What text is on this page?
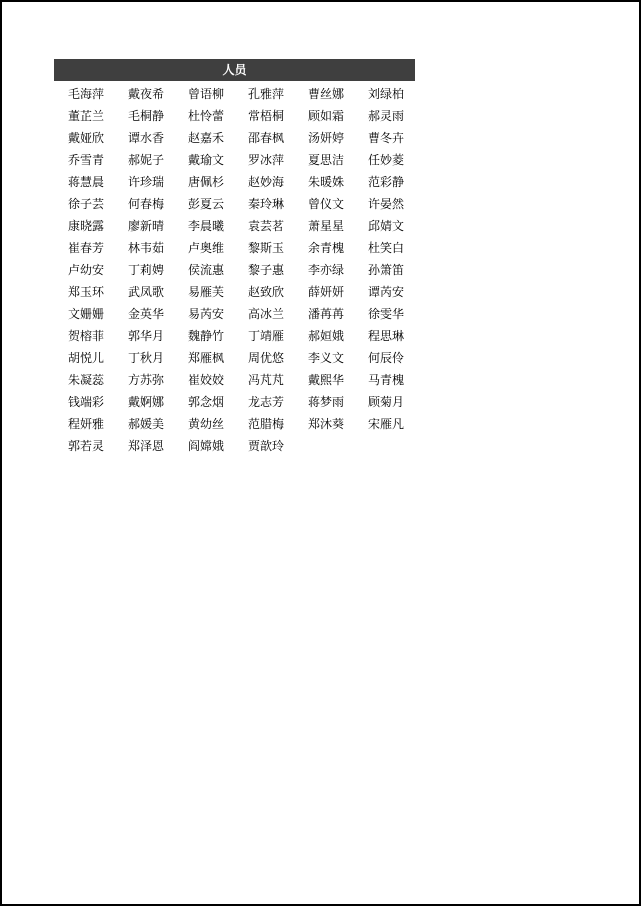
人员
毛海萍	戴夜希	曾语柳	孔雅萍	曹丝娜	刘绿柏
董芷兰	毛桐静	杜怜蕾	常梧桐	顾如霜	郝灵雨
戴娅欣	谭水香	赵嘉禾	邵春枫	汤妍婷	曹冬卉
乔雪青	郝妮子	戴瑜文	罗冰萍	夏思洁	任妙菱
蒋慧晨	许珍瑞	唐佩杉	赵妙海	朱暖姝	范彩静
徐子芸	何春梅	彭夏云	秦玲琳	曾仪文	许晏然
康晓露	廖新晴	李晨曦	袁芸茗	萧星星	邱婧文
崔春芳	林韦茹	卢奥维	黎斯玉	余青槐	杜笑白
卢幼安	丁莉娉	侯流惠	黎子惠	李亦绿	孙箫笛
郑玉环	武凤歌	易雁芙	赵致欣	薛妍妍	谭芮安
文姗姗	金英华	易芮安	高冰兰	潘苒苒	徐雯华
贺榕菲	郭华月	魏静竹	丁靖雁	郝姮娥	程思琳
胡悦儿	丁秋月	郑雁枫	周优悠	李义文	何辰伶
朱凝蕊	方苏弥	崔姣姣	冯芃芃	戴熙华	马青槐
钱端彩	戴婀娜	郭念烟	龙志芳	蒋梦雨	顾菊月
程妍雅	郝媛美	黄幼丝	范腊梅	郑沐葵	宋雁凡
郭若灵	郑泽恩	阎嫦娥	贾歆玲
